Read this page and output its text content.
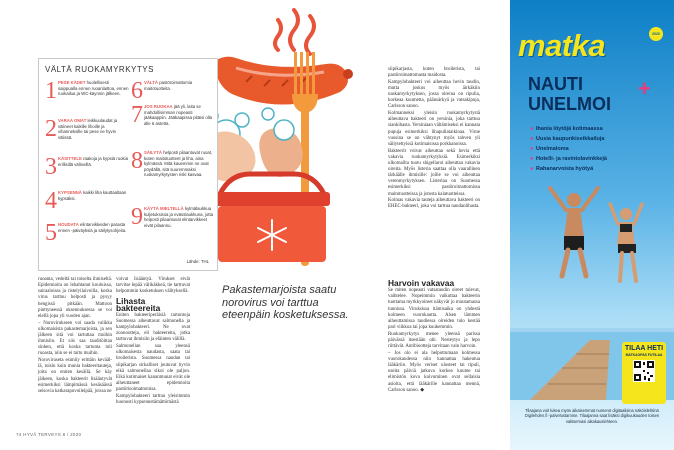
VÄLTÄ RUOKAMYRKYTYS
1 PESE KÄDET huolellisesti saippualla ennen ruoanlaittoa, ennen ruokailua ja WC-käynnin jälkeen.
2 VARAA OMAT leikkuulaudat ja välineet kaikille lihoille ja vihanneksille tai pese ne hyvin välissä.
3 KÄSITTELE raakoja ja kypsiä ruokia erillisillä välineillä.
4 KYPSENNÄ kaikki liha kauttaaltaan kypsäksi.
5 NOUDATA elintarvikkeiden parasta ennen -päiväyksiä ja säilytysohjeita.
6 VÄLTÄ pastöroimattomia maitotuotteita.
7 JOS RUOKAA jää yli, laita se mahdollisimman nopeasti jääkaappiin. Jääkaapissa pitäisi olla alle 6 astetta.
8 SÄILYTÄ helposti pilaantuvat ruoat, kuten maitotuotteet ja liha, aina kylmässä. Mitä kauemmin ne ovat pöydällä, sitä suuremmaksi ruokamyrkytysten riski kasvaa.
9 KÄYTÄ MIELTELLÄ kylmälaukkua kuljetuksissa ja evässlaukkuna, jotta helposti pilaantuvat elintarvikkeet eivät pilaannu.
Lähde: THL

ruoanta, vedeltä tai toiselta ihmiseltä. Epidemioita on lehahtanut kouluissa, sairaaloissa ja ristelyilaivoilla, koska virus tarttuu helposti ja pysyy hengissä pitkään. Mattoon pinttyneessä oksennuksessa se voi elellä jopa yli vuoden ajan.

– Norovirukseen voi saada valikka ulkomaisista pakastemarjoista, ja sen jälkeen sitä voi tartuttaa muihin ihmisiin. Et siis saa tauditöittaa sinhen, että koska tartunta tuli ruoasta, niin se ei tartu muihin.

Noroviruseta esimiiy erittäin keväällä, toisin kuin monia bakteeritauteja, joita on eniten kesällä. Se käy jäikeen, koska bakteerit lisääntyvät esimerkiksi lämpimässä kesäsäässä seisovia katkarapuvoileipää, joissa ne

voivat lisääntyä. Virukset eivät tarvitse lepää välikäkkeä, tie tarttuvat helpommin kosketuksen välityksellä.

Lihasta bakteereita

Eniten bakteeriperäisiä tartuntoja Suomessa aiheuttavat salmonella ja kampylobakteeri. Ne ovat zoonootteja, eli bakteereita, jotka tarttuvat ihmisiin ja eläinten välillä.

Salmonellan saa yleensä ulkomaisesta naudasta, saata tai broilerista. Suomessa naudan tai siipikarjan sirkalliset joutuvat hyvin eikä salmonellaa sikoi ole paljon. Eikä kotimaiset kananmunat eivät ole aiheuttaneet epidemioita pastörisoimattomisa.

Kampylobakteeri tarttuu yleisimmin huonosti kypsennetämättömästä

Pakastemarjoista saatu norovirus voi tarttua eteenpäin kosketuksessa.

siipikarjasta, kuten broilerista, tai pastöroimattomasta maidosta.

Kampylobakteeri voi aiheuttaa hevin taudin, mutta joskus myös äirkäkiin naskamyrkytyksen, jossa oireina on ripulia, korkeaa kuumetta, päänsärkyä ja vatsakipuja, Carlsson sanoo.

Kolmanneksi yleisin ruokamyrkytystä aiheuttava bakteeri on yersinia, joka tarttuu siankihasta. Yersiniaan vältämiseksi ei kannata pupuja esimerkiksi lihapullataikinaa. Virne vuosina se on vähtynyt myös tahven yli säilytettyissä kotimaisissa porkkanoissa.

Bakteerit voivat aiheuttaa sekä hevia että vakavia ruokamyrkytyksiä. Esimerkiksi ulkomailta tuotu shigellaroi aiheuttaa vakavia oireita. Myös listeria saattaa olla vaarallinen tärkäälle ihmisille: joille se voi aiheuttaa verenmyrkytyksen. Listeriaa on Suomessa esimerkiksi pastöroimattomissa maitotuotteissa ja jotosta kalatuotteissa.

Kolmas vakavia tauteja aiheuttava bakteeri on EHEC-bakteeri, joka voi tarttua naudanlihasta.

Harvoin vakavaa

Se miten nopeasti vatsataudin oireet tulevat, vaihtelee. Nopeimmin vaikuttaa bakteerin tuottama myrkkyoireet näkyvät jo muutamassa tunnissa. Viruksissa itämisaika on yhdestä kolmeen vuorokautta. Alsen lämmen aiheuttamissa taudiessa oireiden tulo kestää pari viikkoa tai jopa kuukemmin.

Ruokamyrkytys menee yleensä parissa päivässä itsestään ohi. Nesteytys ja lepo riittävät. Antibiootteja tarvitaan vain harvoin.

– Jos olo ei ala helpottumaan kolmessa vuorokaudessa niin kannattaa hakeutua lääkäriin. Myös veriset ulosteet tai ripuli, useita päiviä jatkuva korkea kuume tai elimistön kova kuivuminen ovat sellaisia asioita, että lääkärille kannattaa mennä, Carlsson sanoo. ◆

74 HYVÄ TERVEYS 8 / 2020
matka	2020
NAUTI
UNELMOI
+
● Ihania löytöjä kotimaassa
● Uusia kaupunkiseikkailuja
● Unelmaloma
● Hotelli- ja ravintolavinkkejä
● Rahanarvoista hyötyä
TILAA HETI
MATKAOPAS FUTILAA
Tilaajana voit lukea myös aikaisemmat numerot digitaalisina näköislehtinä Digilehden.fi -palvelustamme. Tilaajanna saat lisäksi digikuukauden toisen valitsemasi aikakauslehteen.
